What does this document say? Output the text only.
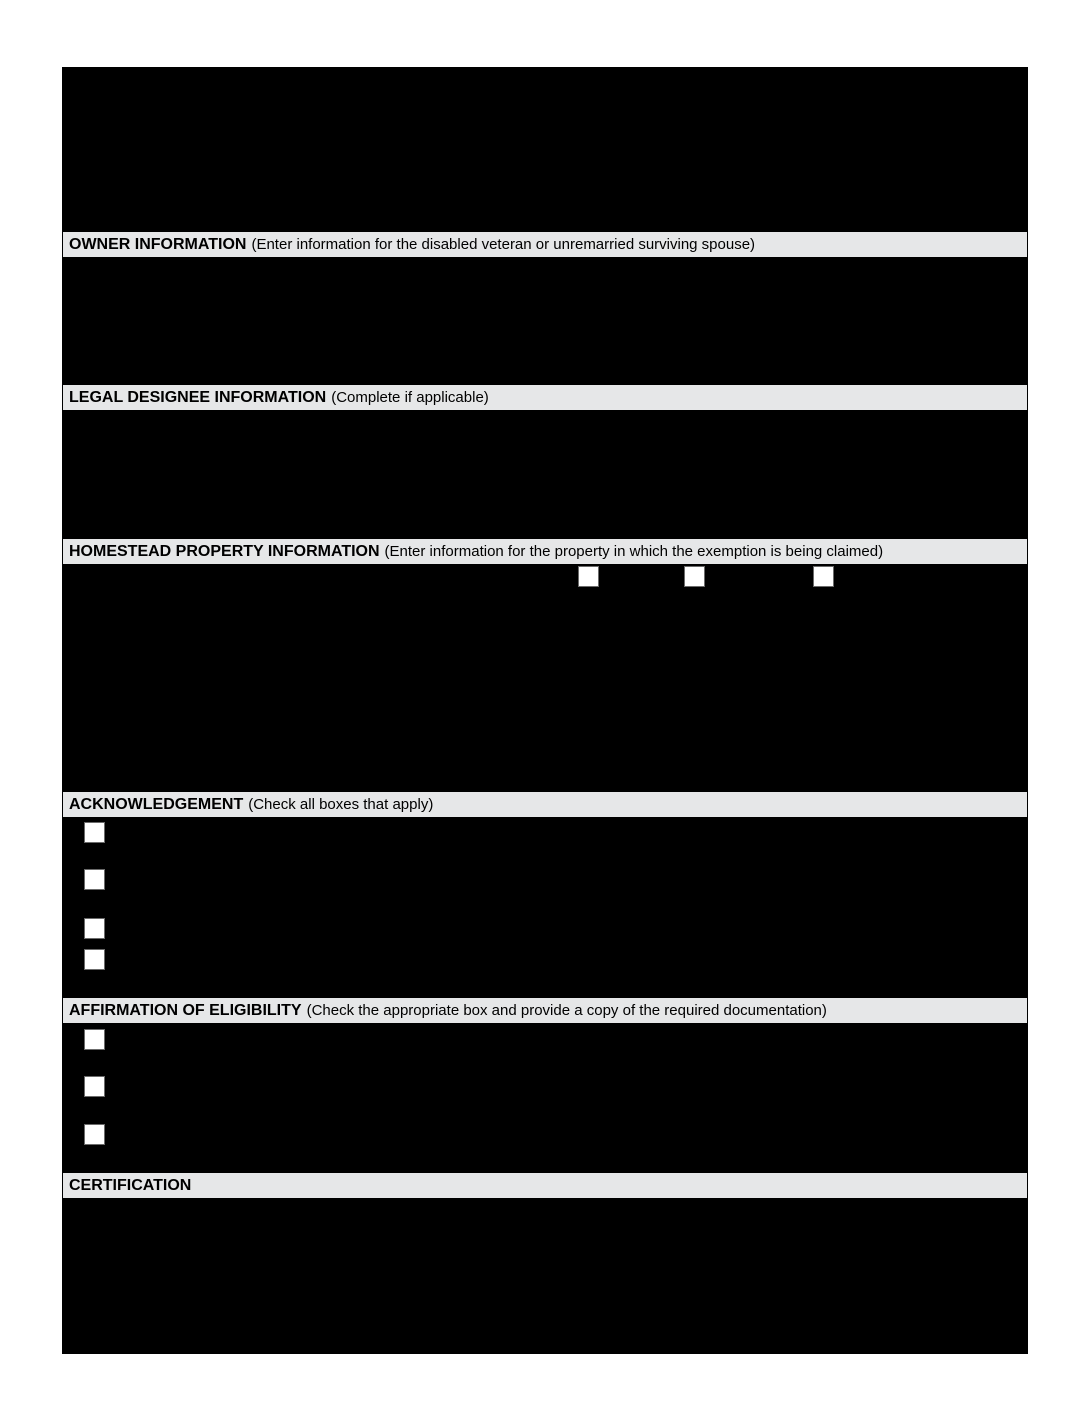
OWNER INFORMATION (Enter information for the disabled veteran or unremarried surviving spouse)
LEGAL DESIGNEE INFORMATION (Complete if applicable)
HOMESTEAD PROPERTY INFORMATION (Enter information for the property in which the exemption is being claimed)
ACKNOWLEDGEMENT (Check all boxes that apply)
AFFIRMATION OF ELIGIBILITY (Check the appropriate box and provide a copy of the required documentation)
CERTIFICATION
